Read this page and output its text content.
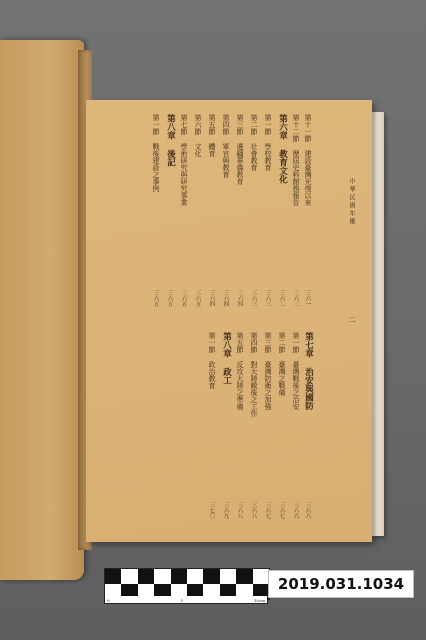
中華民國年鑑
二
第十一節 建設臺灣光復以來
三六一
第十二節 歷屆史料館務報告
三六二
第六章 教育文化
三六二
第一節 學校教育
三六三
第二節 社會教育
三六三
第三節 邊疆華僑教育
三六四
第四節 軍官與教育
三六四
第五節 體育
三六四
第六節 文化
三六五
第七節 學術研究與研究事業
三六五
第八章 後記
三六五
第一節 戰後建設之事例
三六五
第七章 治安與國防
三六六
第一節 臺灣戰後之治安
三六六
第二節 臺灣之戰備
三六七
第三節 臺灣防衛之加強
三六七
第四節 對大陸敵後之工作
三六八
第五節 反攻大陸之準備
三六八
第八章 政工
三六九
第一節 政治教育
三七〇
0	5	10cm
2019.031.1034
